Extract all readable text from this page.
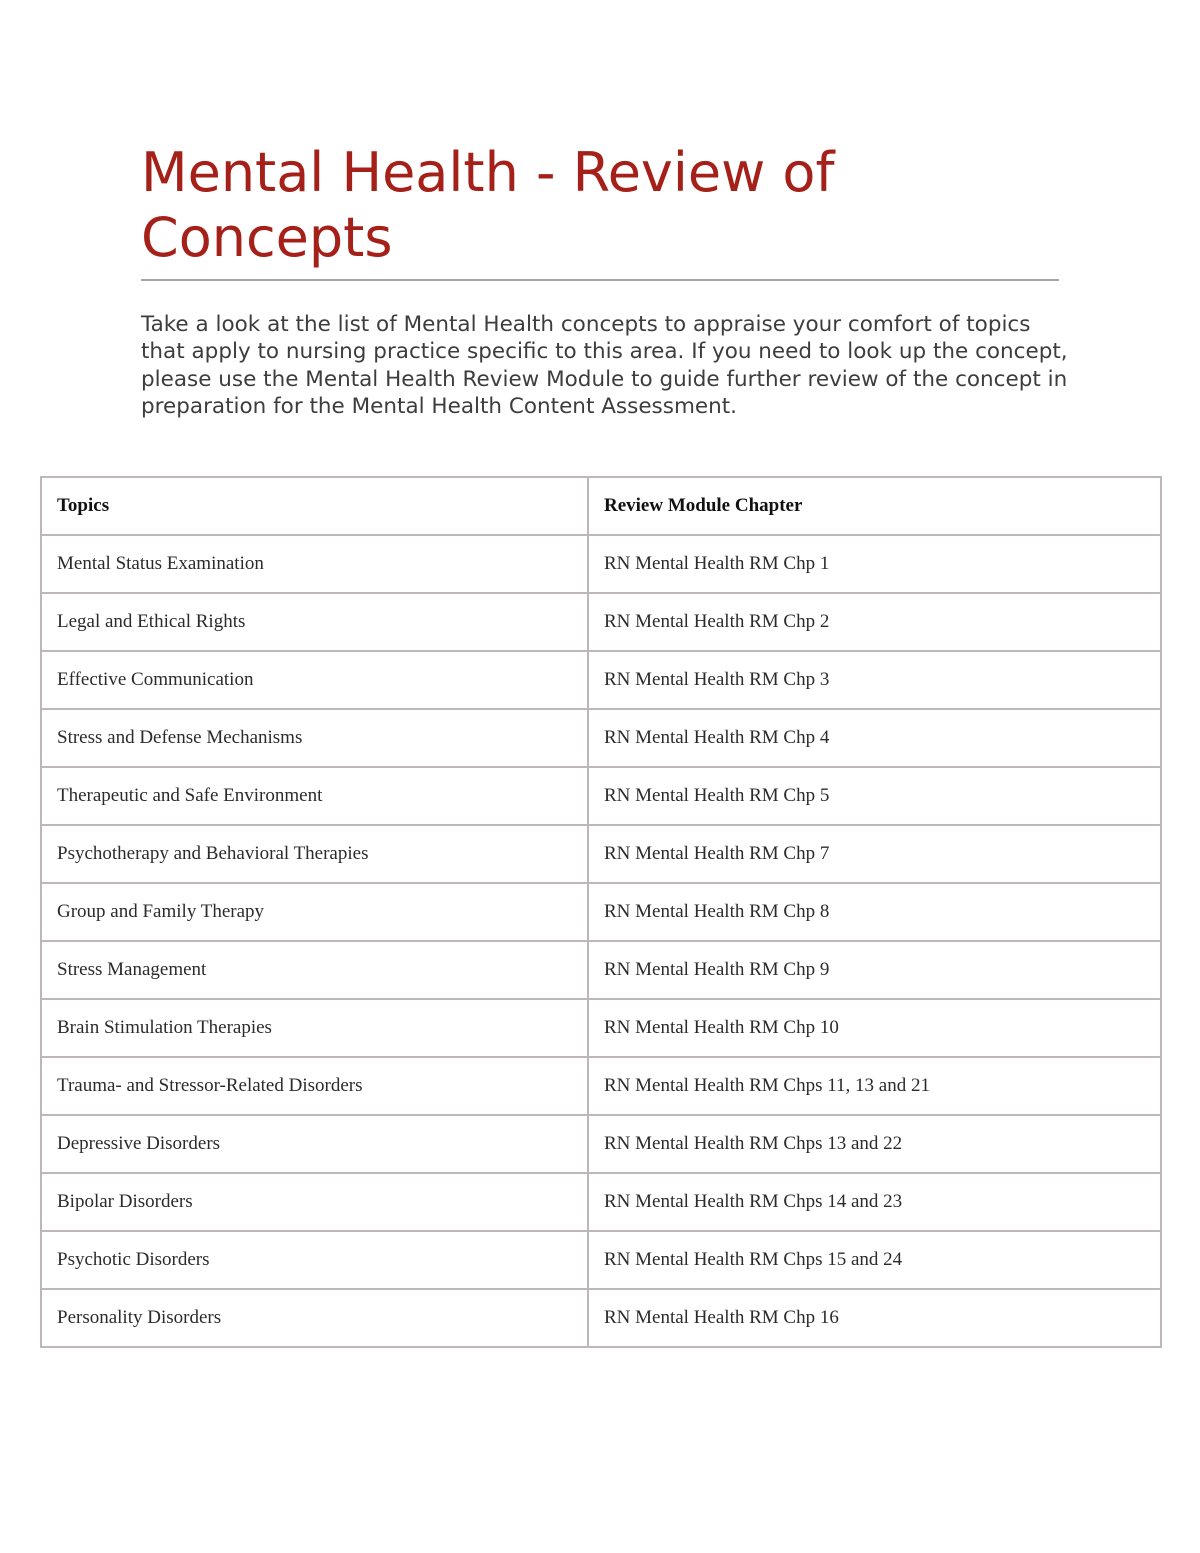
Mental Health - Review of Concepts

Take a look at the list of Mental Health concepts to appraise your comfort of topics that apply to nursing practice specific to this area. If you need to look up the concept, please use the Mental Health Review Module to guide further review of the concept in preparation for the Mental Health Content Assessment.

Topics	Review Module Chapter
Mental Status Examination	RN Mental Health RM Chp 1
Legal and Ethical Rights	RN Mental Health RM Chp 2
Effective Communication	RN Mental Health RM Chp 3
Stress and Defense Mechanisms	RN Mental Health RM Chp 4
Therapeutic and Safe Environment	RN Mental Health RM Chp 5
Psychotherapy and Behavioral Therapies	RN Mental Health RM Chp 7
Group and Family Therapy	RN Mental Health RM Chp 8
Stress Management	RN Mental Health RM Chp 9
Brain Stimulation Therapies	RN Mental Health RM Chp 10
Trauma- and Stressor-Related Disorders	RN Mental Health RM Chps 11, 13 and 21
Depressive Disorders	RN Mental Health RM Chps 13 and 22
Bipolar Disorders	RN Mental Health RM Chps 14 and 23
Psychotic Disorders	RN Mental Health RM Chps 15 and 24
Personality Disorders	RN Mental Health RM Chp 16
